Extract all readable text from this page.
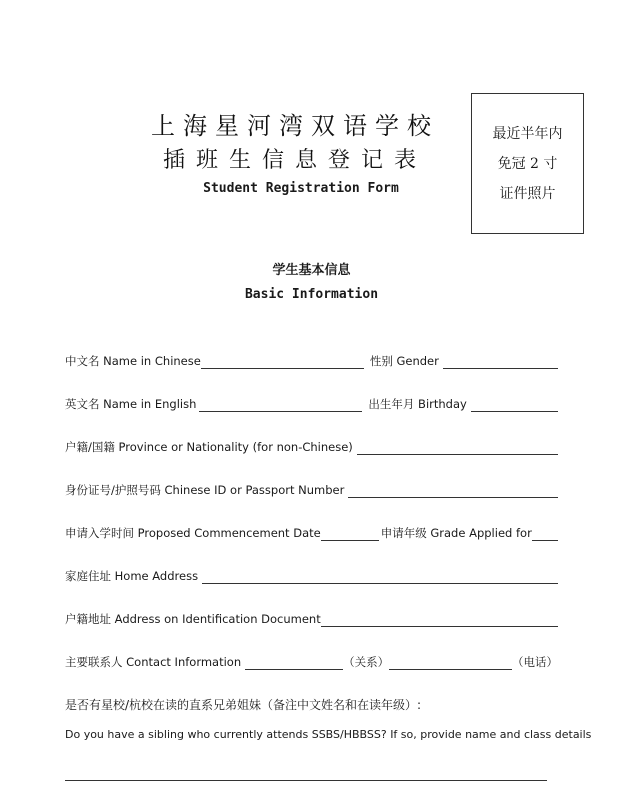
上海星河湾双语学校
插班生信息登记表
Student Registration Form
最近半年内
免冠 2 寸
证件照片
学生基本信息
Basic Information
中文名 Name in Chinese	性别 Gender
英文名 Name in English	出生年月 Birthday
户籍/国籍 Province or Nationality (for non-Chinese)
身份证号/护照号码 Chinese ID or Passport Number
申请入学时间 Proposed Commencement Date	申请年级 Grade Applied for
家庭住址 Home Address
户籍地址 Address on Identification Document
主要联系人 Contact Information	（关系）	（电话）
是否有星校/杭校在读的直系兄弟姐妹（备注中文姓名和在读年级）:
Do you have a sibling who currently attends SSBS/HBBSS? If so, provide name and class details
